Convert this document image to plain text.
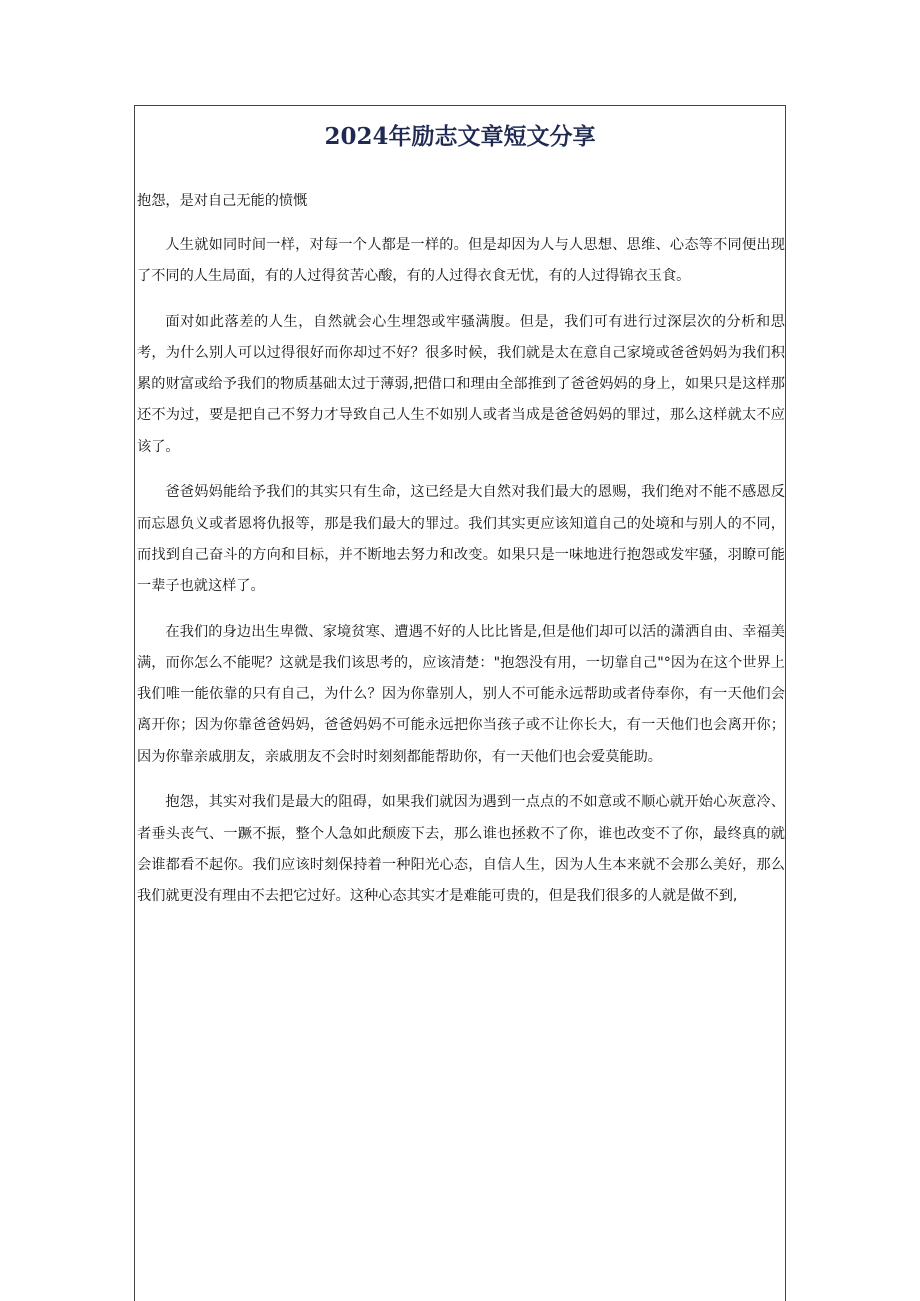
2024年励志文章短文分享

抱怨，是对自己无能的愤慨

人生就如同时间一样，对每一个人都是一样的。但是却因为人与人思想、思维、心态等不同便出现了不同的人生局面，有的人过得贫苦心酸，有的人过得衣食无忧，有的人过得锦衣玉食。

面对如此落差的人生，自然就会心生埋怨或牢骚满腹。但是，我们可有进行过深层次的分析和思考，为什么别人可以过得很好而你却过不好？很多时候，我们就是太在意自己家境或爸爸妈妈为我们积累的财富或给予我们的物质基础太过于薄弱,把借口和理由全部推到了爸爸妈妈的身上，如果只是这样那还不为过，要是把自己不努力才导致自己人生不如别人或者当成是爸爸妈妈的罪过，那么这样就太不应该了。

爸爸妈妈能给予我们的其实只有生命，这已经是大自然对我们最大的恩赐，我们绝对不能不感恩反而忘恩负义或者恩将仇报等，那是我们最大的罪过。我们其实更应该知道自己的处境和与别人的不同，而找到自己奋斗的方向和目标，并不断地去努力和改变。如果只是一味地进行抱怨或发牢骚，羽瞭可能一辈子也就这样了。

在我们的身边出生卑微、家境贫寒、遭遇不好的人比比皆是,但是他们却可以活的潇洒自由、幸福美满，而你怎么不能呢？这就是我们该思考的，应该清楚："抱怨没有用，一切靠自己"°因为在这个世界上我们唯一能依靠的只有自己，为什么？因为你靠别人，别人不可能永远帮助或者侍奉你，有一天他们会离开你；因为你靠爸爸妈妈，爸爸妈妈不可能永远把你当孩子或不让你长大，有一天他们也会离开你；因为你靠亲戚朋友，亲戚朋友不会时时刻刻都能帮助你，有一天他们也会爱莫能助。

抱怨，其实对我们是最大的阻碍，如果我们就因为遇到一点点的不如意或不顺心就开始心灰意冷、者垂头丧气、一蹶不振，整个人急如此颓废下去，那么谁也拯救不了你，谁也改变不了你，最终真的就会谁都看不起你。我们应该时刻保持着一种阳光心态，自信人生，因为人生本来就不会那么美好，那么我们就更没有理由不去把它过好。这种心态其实才是难能可贵的，但是我们很多的人就是做不到,
